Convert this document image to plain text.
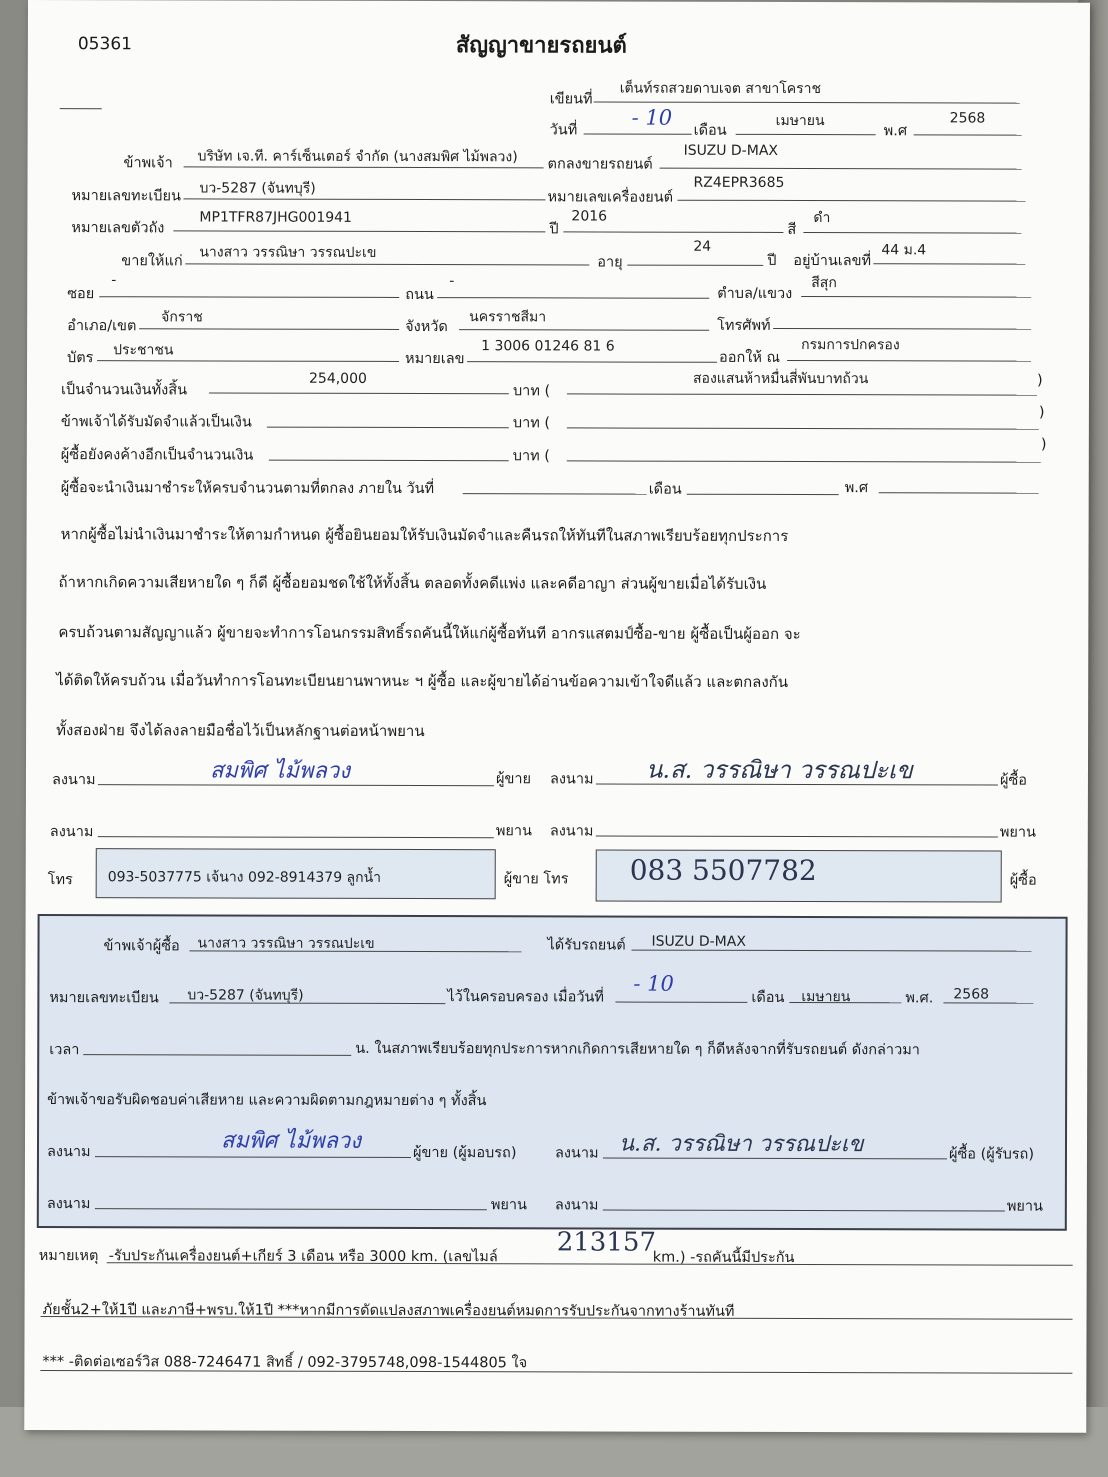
05361	สัญญาขายรถยนต์
เขียนที่
เต็นท์รถสวยดาบเจต สาขาโคราช
วันที่
- 10
เดือน
เมษายน
พ.ศ
2568
ข้าพเจ้า บริษัท เจ.ที. คาร์เซ็นเตอร์ จำกัด (นางสมพิศ ไม้พลวง) ตกลงขายรถยนต์
ISUZU D-MAX
หมายเลขทะเบียน บว-5287 (จันทบุรี)
หมายเลขเครื่องยนต์
RZ4EPR3685
หมายเลขตัวถัง
MP1TFR87JHG001941
ปี
2016
สี
ดำ
ขายให้แก่
นางสาว วรรณิษา วรรณปะเข
อายุ
24
ปี อยู่บ้านเลขที่
44 ม.4
ซอย
-
ถนน
-
ตำบล/แขวง
สีสุก
อำเภอ/เขต
จักราช
จังหวัด
นครราชสีมา
โทรศัพท์
บัตร ประชาชน
หมายเลข
1 3006 01246 81 6
ออกให้ ณ
กรมการปกครอง
เป็นจำนวนเงินทั้งสิ้น
254,000
บาท (
สองแสนห้าหมื่นสี่พันบาทถ้วน	)
ข้าพเจ้าได้รับมัดจำแล้วเป็นเงิน	บาท (
)
ผู้ซื้อยังคงค้างอีกเป็นจำนวนเงิน	บาท (
)
ผู้ซื้อจะนำเงินมาชำระให้ครบจำนวนตามที่ตกลง ภายใน วันที่	เดือน	พ.ศ
หากผู้ซื้อไม่นำเงินมาชำระให้ตามกำหนด ผู้ซื้อยินยอมให้รับเงินมัดจำและคืนรถให้ทันทีในสภาพเรียบร้อยทุกประการ
ถ้าหากเกิดความเสียหายใด ๆ ก็ดี ผู้ซื้อยอมชดใช้ให้ทั้งสิ้น ตลอดทั้งคดีแพ่ง และคดีอาญา ส่วนผู้ขายเมื่อได้รับเงิน
ครบถ้วนตามสัญญาแล้ว ผู้ขายจะทำการโอนกรรมสิทธิ์รถคันนี้ให้แก่ผู้ซื้อทันที อากรแสตมป์ซื้อ-ขาย ผู้ซื้อเป็นผู้ออก จะ
ได้ติดให้ครบถ้วน เมื่อวันทำการโอนทะเบียนยานพาหนะ ฯ ผู้ซื้อ และผู้ขายได้อ่านข้อความเข้าใจดีแล้ว และตกลงกัน
ทั้งสองฝ่าย จึงได้ลงลายมือชื่อไว้เป็นหลักฐานต่อหน้าพยาน
ลงนาม	สมพิศ ไม้พลวง	ผู้ขาย ลงนาม น.ส. วรรณิษา วรรณปะเข	ผู้ซื้อ
ลงนาม	พยาน ลงนาม	พยาน
โทร 093-5037775 เจ้นาง 092-8914379 ลูกน้ำ	ผู้ขาย โทร 083 5507782	ผู้ซื้อ
ข้าพเจ้าผู้ซื้อ นางสาว วรรณิษา วรรณปะเข	ได้รับรถยนต์ ISUZU D-MAX
หมายเลขทะเบียน บว-5287 (จันทบุรี)	ไว้ในครอบครอง เมื่อวันที่
- 10
เดือน เมษายน	พ.ศ. 2568
เวลา	น. ในสภาพเรียบร้อยทุกประการหากเกิดการเสียหายใด ๆ ก็ดีหลังจากที่รับรถยนต์ ดังกล่าวมา
ข้าพเจ้าขอรับผิดชอบค่าเสียหาย และความผิดตามกฎหมายต่าง ๆ ทั้งสิ้น
ลงนาม	สมพิศ ไม้พลวง	ผู้ขาย (ผู้มอบรถ)	ลงนาม น.ส. วรรณิษา วรรณปะเข	ผู้ซื้อ (ผู้รับรถ)
ลงนาม	พยาน ลงนาม	พยาน
หมายเหตุ -รับประกันเครื่องยนต์+เกียร์ 3 เดือน หรือ 3000 km. (เลขไมล์ 213157
km.) -รถคันนี้มีประกัน
ภัยชั้น2+ให้1ปี และภาษี+พรบ.ให้1ปี ***หากมีการดัดแปลงสภาพเครื่องยนต์หมดการรับประกันจากทางร้านทันที
*** -ติดต่อเซอร์วิส 088-7246471 สิทธิ์ / 092-3795748,098-1544805 ใจ
